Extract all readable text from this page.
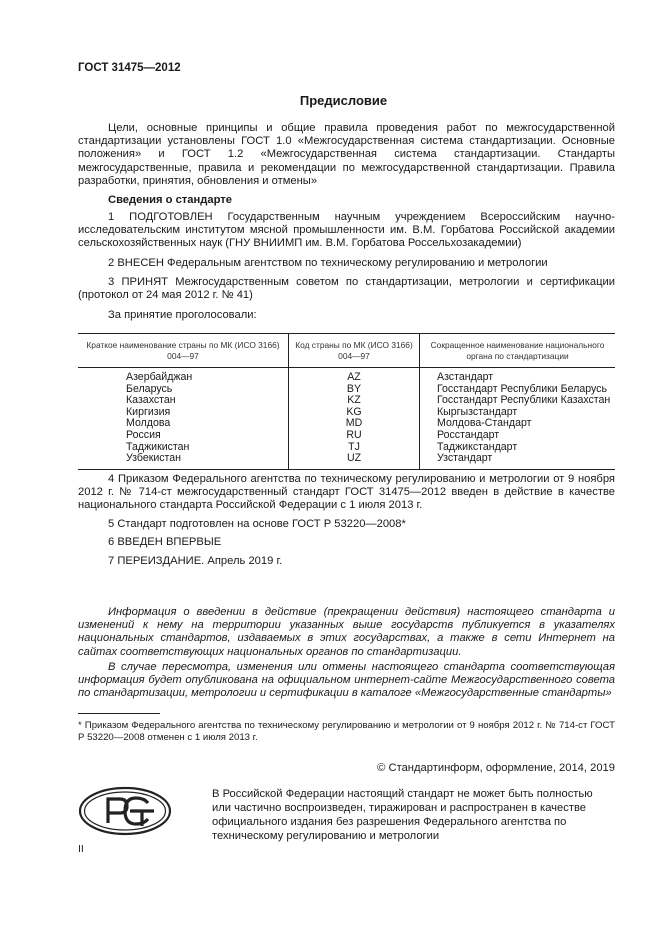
ГОСТ 31475—2012
Предисловие
Цели, основные принципы и общие правила проведения работ по межгосударственной стандартизации установлены ГОСТ 1.0 «Межгосударственная система стандартизации. Основные положения» и ГОСТ 1.2 «Межгосударственная система стандартизации. Стандарты межгосударственные, правила и рекомендации по межгосударственной стандартизации. Правила разработки, принятия, обновления и отмены»
Сведения о стандарте
1 ПОДГОТОВЛЕН Государственным научным учреждением Всероссийским научно-исследовательским институтом мясной промышленности им. В.М. Горбатова Российской академии сельскохозяйственных наук (ГНУ ВНИИМП им. В.М. Горбатова Россельхозакадемии)
2 ВНЕСЕН Федеральным агентством по техническому регулированию и метрологии
3 ПРИНЯТ Межгосударственным советом по стандартизации, метрологии и сертификации (протокол от 24 мая 2012 г. № 41)
За принятие проголосовали:
Краткое наименование страны по МК (ИСО 3166) 004—97	Код страны по МК (ИСО 3166) 004—97	Сокращенное наименование национального органа по стандартизации
Азербайджан	AZ	Азстандарт
Беларусь	BY	Госстандарт Республики Беларусь
Казахстан	KZ	Госстандарт Республики Казахстан
Киргизия	KG	Кыргызстандарт
Молдова	MD	Молдова-Стандарт
Россия	RU	Росстандарт
Таджикистан	TJ	Таджикстандарт
Узбекистан	UZ	Узстандарт
4 Приказом Федерального агентства по техническому регулированию и метрологии от 9 ноября 2012 г. № 714-ст межгосударственный стандарт ГОСТ 31475—2012 введен в действие в качестве национального стандарта Российской Федерации с 1 июля 2013 г.
5 Стандарт подготовлен на основе ГОСТ Р 53220—2008*
6 ВВЕДЕН ВПЕРВЫЕ
7 ПЕРЕИЗДАНИЕ. Апрель 2019 г.
Информация о введении в действие (прекращении действия) настоящего стандарта и изменений к нему на территории указанных выше государств публикуется в указателях национальных стандартов, издаваемых в этих государствах, а также в сети Интернет на сайтах соответствующих национальных органов по стандартизации.
В случае пересмотра, изменения или отмены настоящего стандарта соответствующая информация будет опубликована на официальном интернет-сайте Межгосударственного совета по стандартизации, метрологии и сертификации в каталоге «Межгосударственные стандарты»
* Приказом Федерального агентства по техническому регулированию и метрологии от 9 ноября 2012 г. № 714-ст ГОСТ Р 53220—2008 отменен с 1 июля 2013 г.
© Стандартинформ, оформление, 2014, 2019
В Российской Федерации настоящий стандарт не может быть полностью или частично воспроизведен, тиражирован и распространен в качестве официального издания без разрешения Федерального агентства по техническому регулированию и метрологии
II
